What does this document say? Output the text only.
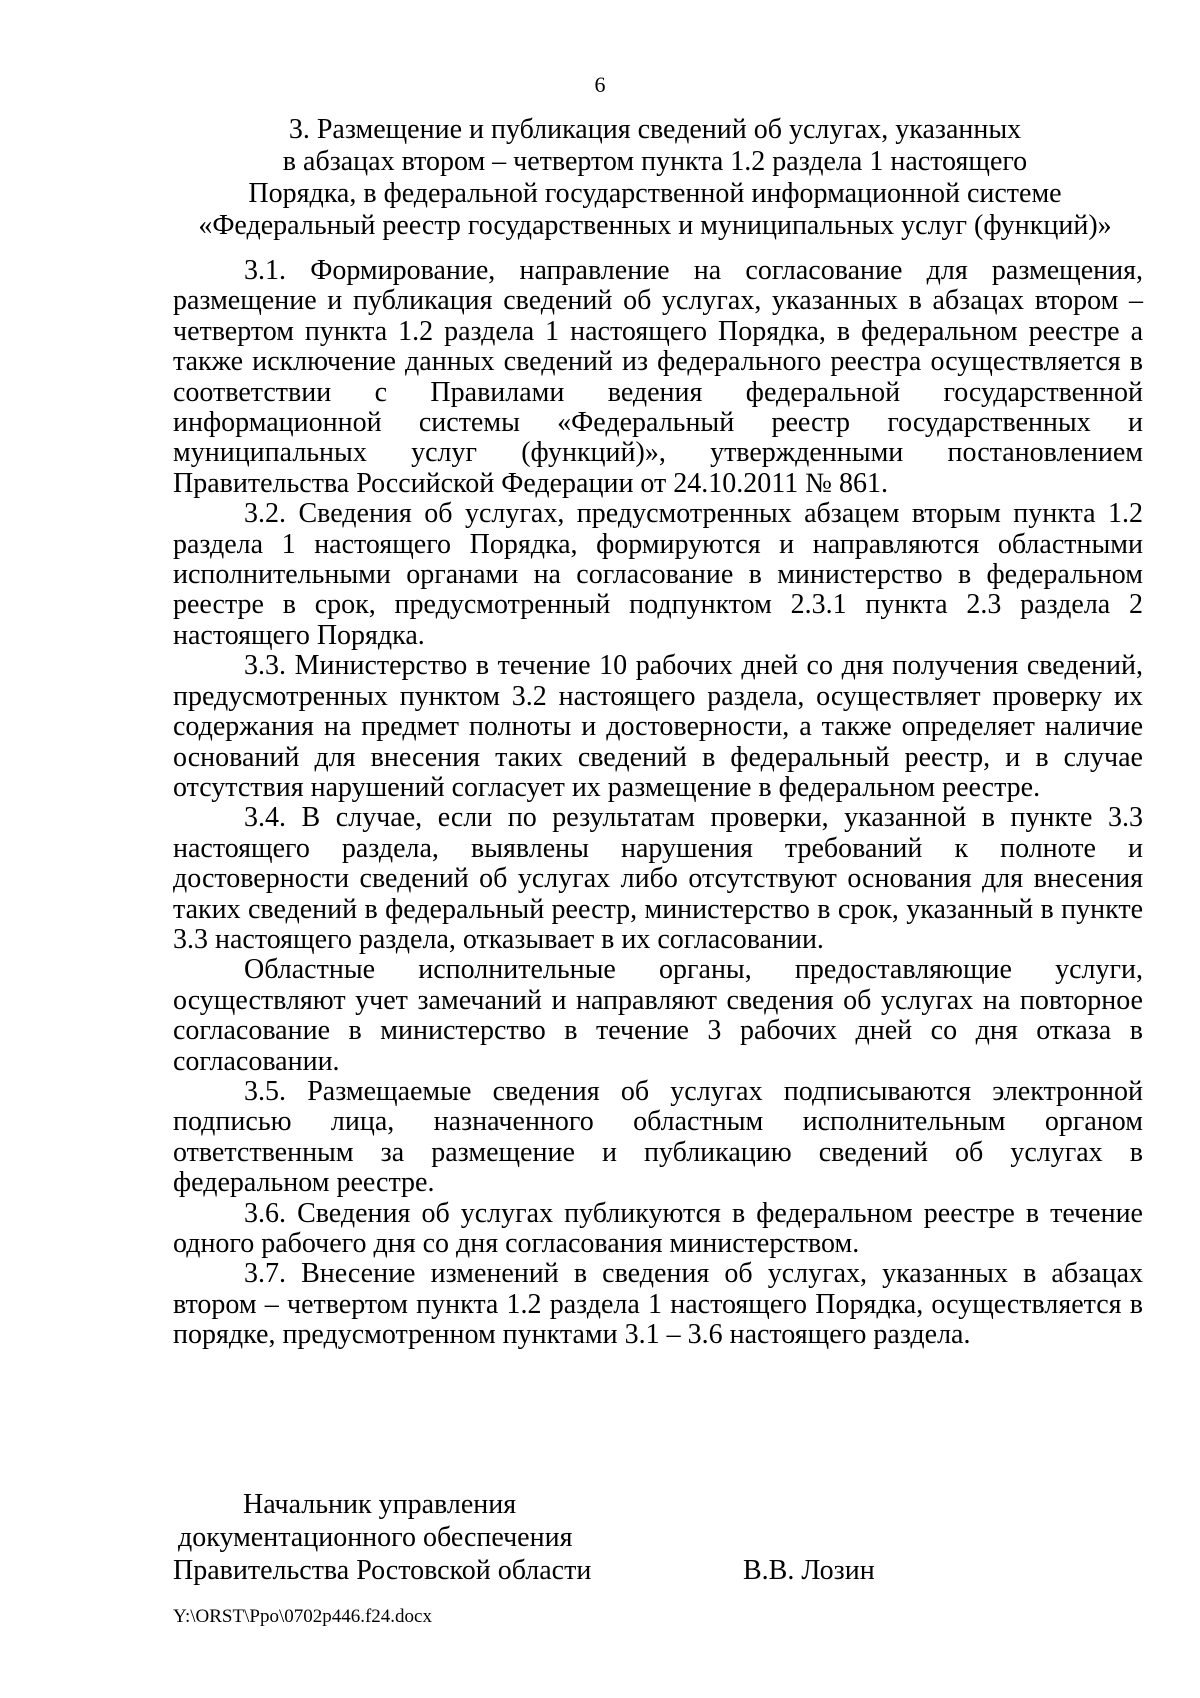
6
3. Размещение и публикация сведений об услугах, указанных
в абзацах втором – четвертом пункта 1.2 раздела 1 настоящего
Порядка, в федеральной государственной информационной системе
«Федеральный реестр государственных и муниципальных услуг (функций)»

3.1. Формирование, направление на согласование для размещения, размещение и публикация сведений об услугах, указанных в абзацах втором – четвертом пункта 1.2 раздела 1 настоящего Порядка, в федеральном реестре а также исключение данных сведений из федерального реестра осуществляется в соответствии с Правилами ведения федеральной государственной информационной системы «Федеральный реестр государственных и муниципальных услуг (функций)», утвержденными постановлением Правительства Российской Федерации от 24.10.2011 № 861.

3.2. Сведения об услугах, предусмотренных абзацем вторым пункта 1.2 раздела 1 настоящего Порядка, формируются и направляются областными исполнительными органами на согласование в министерство в федеральном реестре в срок, предусмотренный подпунктом 2.3.1 пункта 2.3 раздела 2 настоящего Порядка.

3.3. Министерство в течение 10 рабочих дней со дня получения сведений, предусмотренных пунктом 3.2 настоящего раздела, осуществляет проверку их содержания на предмет полноты и достоверности, а также определяет наличие оснований для внесения таких сведений в федеральный реестр, и в случае отсутствия нарушений согласует их размещение в федеральном реестре.

3.4. В случае, если по результатам проверки, указанной в пункте 3.3 настоящего раздела, выявлены нарушения требований к полноте и достоверности сведений об услугах либо отсутствуют основания для внесения таких сведений в федеральный реестр, министерство в срок, указанный в пункте 3.3 настоящего раздела, отказывает в их согласовании.

Областные исполнительные органы, предоставляющие услуги, осуществляют учет замечаний и направляют сведения об услугах на повторное согласование в министерство в течение 3 рабочих дней со дня отказа в согласовании.

3.5. Размещаемые сведения об услугах подписываются электронной подписью лица, назначенного областным исполнительным органом ответственным за размещение и публикацию сведений об услугах в федеральном реестре.

3.6. Сведения об услугах публикуются в федеральном реестре в течение одного рабочего дня со дня согласования министерством.

3.7. Внесение изменений в сведения об услугах, указанных в абзацах втором – четвертом пункта 1.2 раздела 1 настоящего Порядка, осуществляется в порядке, предусмотренном пунктами 3.1 – 3.6 настоящего раздела.

Начальник управления
документационного обеспечения
Правительства Ростовской области	В.В. Лозин
Y:\ORST\Ppo\0702p446.f24.docx
